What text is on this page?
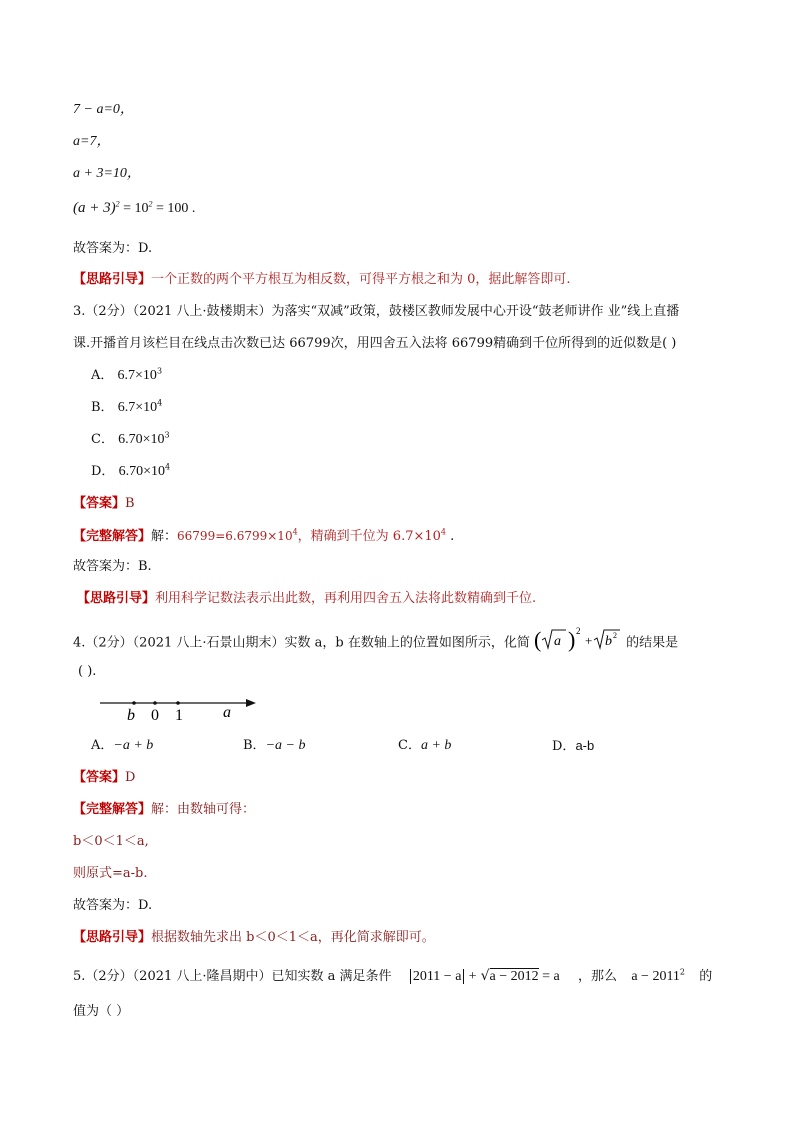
7 − a=0，
a=7，
a + 3=10，
$(a + 3)^2 = 10^2 = 100$ .
故答案为：D.
【思路引导】一个正数的两个平方根互为相反数，可得平方根之和为 0，据此解答即可.
3.（2分）（2021 八上·鼓楼期末）为落实“双减”政策，鼓楼区教师发展中心开设“鼓老师讲作 业”线上直播
课.开播首月该栏目在线点击次数已达 66799次，用四舍五入法将 66799精确到千位所得到的近似数是( )
A． $6.7\times 10^3$
B． $6.7\times 10^4$
C． $6.70\times 10^3$
D． $6.70\times 10^4$
【答案】B
【完整解答】解：$66799=6.6799\times 10^4$，精确到千位为 $6.7\times 10^4$ .
故答案为：B.
【思路引导】利用科学记数法表示出此数，再利用四舍五入法将此数精确到千位.
4.（2分）（2021 八上·石景山期末）实数 a，b 在数轴上的位置如图所示，化简 ( a ) 2
+ b 2 的结果是
( ).
b 0 1	a
A．−a + b	B．−a − b	C．a + b	D．a-b
【答案】D
【完整解答】解：由数轴可得：
b＜0＜1＜a,
则原式=a-b.
故答案为：D.
【思路引导】根据数轴先求出 b＜0＜1＜a，再化简求解即可。
5.（2分）（2021 八上·隆昌期中）已知实数 a 满足条件 2011 − a + √a − 2012 = a ，那么 $a - 2011^2$ 的
值为（ ）
